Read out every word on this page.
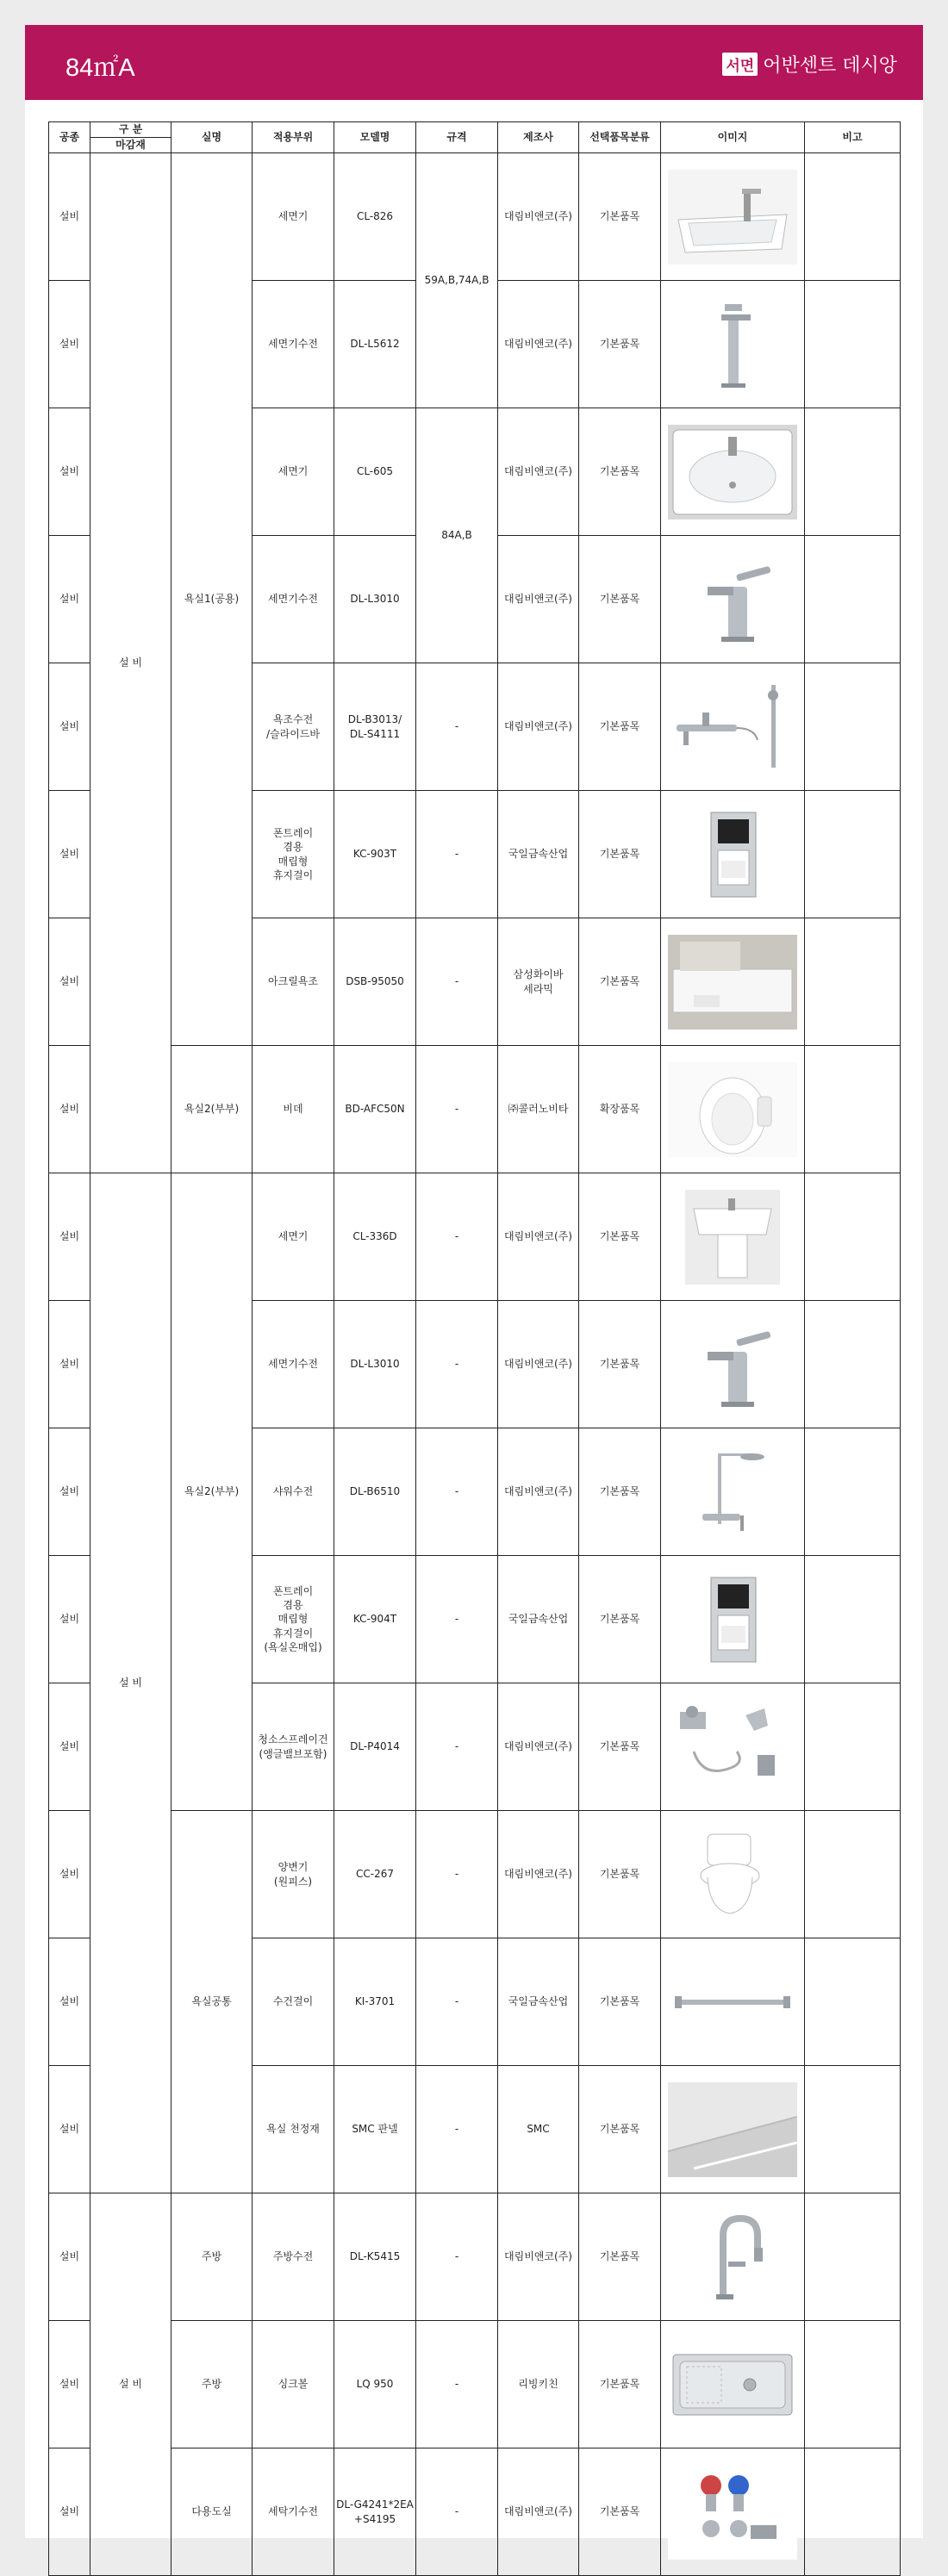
84㎡A	서면 어반센트 데시앙
공종	구 분	실명	적용부위	모델명	규격	제조사	선택품목분류	이미지	비고
	마감재								
설비	설 비	욕실1(공용)	세면기	CL-826	59A,B,74A,B	대림비앤코(주)	기본품목	

설비			세면기수전	DL-L5612		대림비앤코(주)	기본품목	

설비			세면기	CL-605	84A,B	대림비앤코(주)	기본품목	

설비			세면기수전	DL-L3010		대림비앤코(주)	기본품목	

설비			욕조수전
/슬라이드바	DL-B3013/
DL-S4111	-	대림비앤코(주)	기본품목	

설비			폰트레이
겸용
매립형
휴지걸이	KC-903T	-	국일금속산업	기본품목	

설비			아크릴욕조	DSB-95050	-	삼성화이바
세라믹	기본품목	

설비		욕실2(부부)	비데	BD-AFC50N	-	㈜콜러노비타	확장품목	

설비	설 비	욕실2(부부)	세면기	CL-336D	-	대림비앤코(주)	기본품목	

설비			세면기수전	DL-L3010	-	대림비앤코(주)	기본품목	

설비			샤워수전	DL-B6510	-	대림비앤코(주)	기본품목	

설비			폰트레이
겸용
매립형
휴지걸이
(욕실온매입)	KC-904T	-	국일금속산업	기본품목	

설비			청소스프레이건
(앵글밸브포함)	DL-P4014	-	대림비앤코(주)	기본품목	

설비		욕실공통	양변기
(원피스)	CC-267	-	대림비앤코(주)	기본품목	

설비			수건걸이	KI-3701	-	국일금속산업	기본품목	

설비			욕실 천정재	SMC 판넬	-	SMC	기본품목	

설비	설 비	주방	주방수전	DL-K5415	-	대림비앤코(주)	기본품목	

설비		주방	싱크볼	LQ 950	-	리빙키친	기본품목	

설비		다용도실	세탁기수전	DL-G4241*2EA
+S4195	-	대림비앤코(주)	기본품목	
